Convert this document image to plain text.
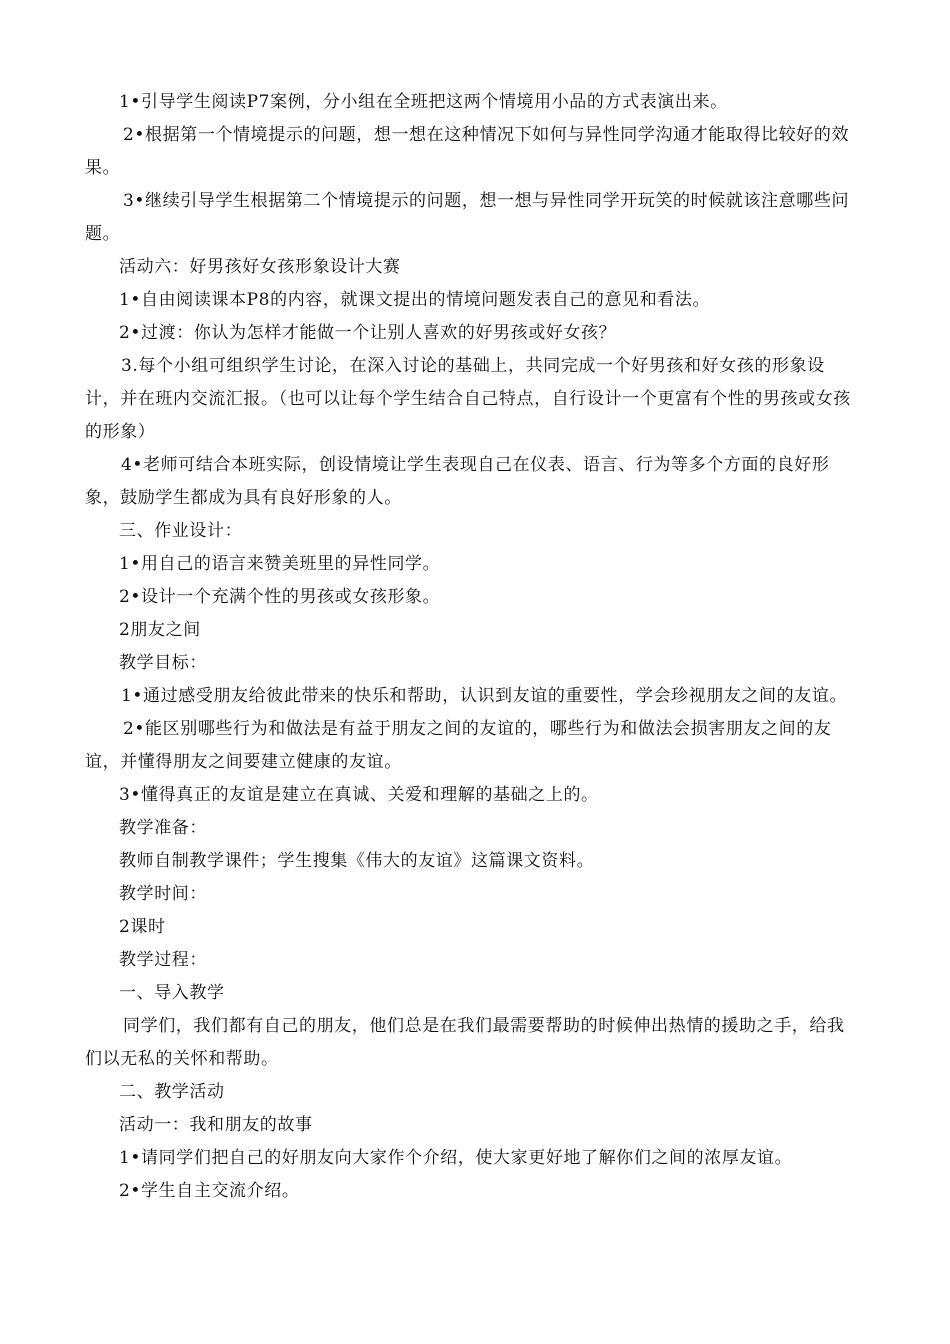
1•引导学生阅读P7案例，分小组在全班把这两个情境用小品的方式表演出来。

2•根据第一个情境提示的问题，想一想在这种情况下如何与异性同学沟通才能取得比较好的效果。

3•继续引导学生根据第二个情境提示的问题，想一想与异性同学开玩笑的时候就该注意哪些问题。

活动六：好男孩好女孩形象设计大赛

1•自由阅读课本P8的内容，就课文提出的情境问题发表自己的意见和看法。

2•过渡：你认为怎样才能做一个让别人喜欢的好男孩或好女孩？

3.每个小组可组织学生讨论，在深入讨论的基础上，共同完成一个好男孩和好女孩的形象设计，并在班内交流汇报。（也可以让每个学生结合自己特点，自行设计一个更富有个性的男孩或女孩的形象）

4•老师可结合本班实际，创设情境让学生表现自己在仪表、语言、行为等多个方面的良好形象，鼓励学生都成为具有良好形象的人。

三、作业设计：

1•用自己的语言来赞美班里的异性同学。

2•设计一个充满个性的男孩或女孩形象。

2朋友之间

教学目标：

1•通过感受朋友给彼此带来的快乐和帮助，认识到友谊的重要性，学会珍视朋友之间的友谊。

2•能区别哪些行为和做法是有益于朋友之间的友谊的，哪些行为和做法会损害朋友之间的友谊，并懂得朋友之间要建立健康的友谊。

3•懂得真正的友谊是建立在真诚、关爱和理解的基础之上的。

教学准备：

教师自制教学课件；学生搜集《伟大的友谊》这篇课文资料。

教学时间：

2课时

教学过程：

一、导入教学

同学们，我们都有自己的朋友，他们总是在我们最需要帮助的时候伸出热情的援助之手，给我们以无私的关怀和帮助。

二、教学活动

活动一：我和朋友的故事

1•请同学们把自己的好朋友向大家作个介绍，使大家更好地了解你们之间的浓厚友谊。

2•学生自主交流介绍。
